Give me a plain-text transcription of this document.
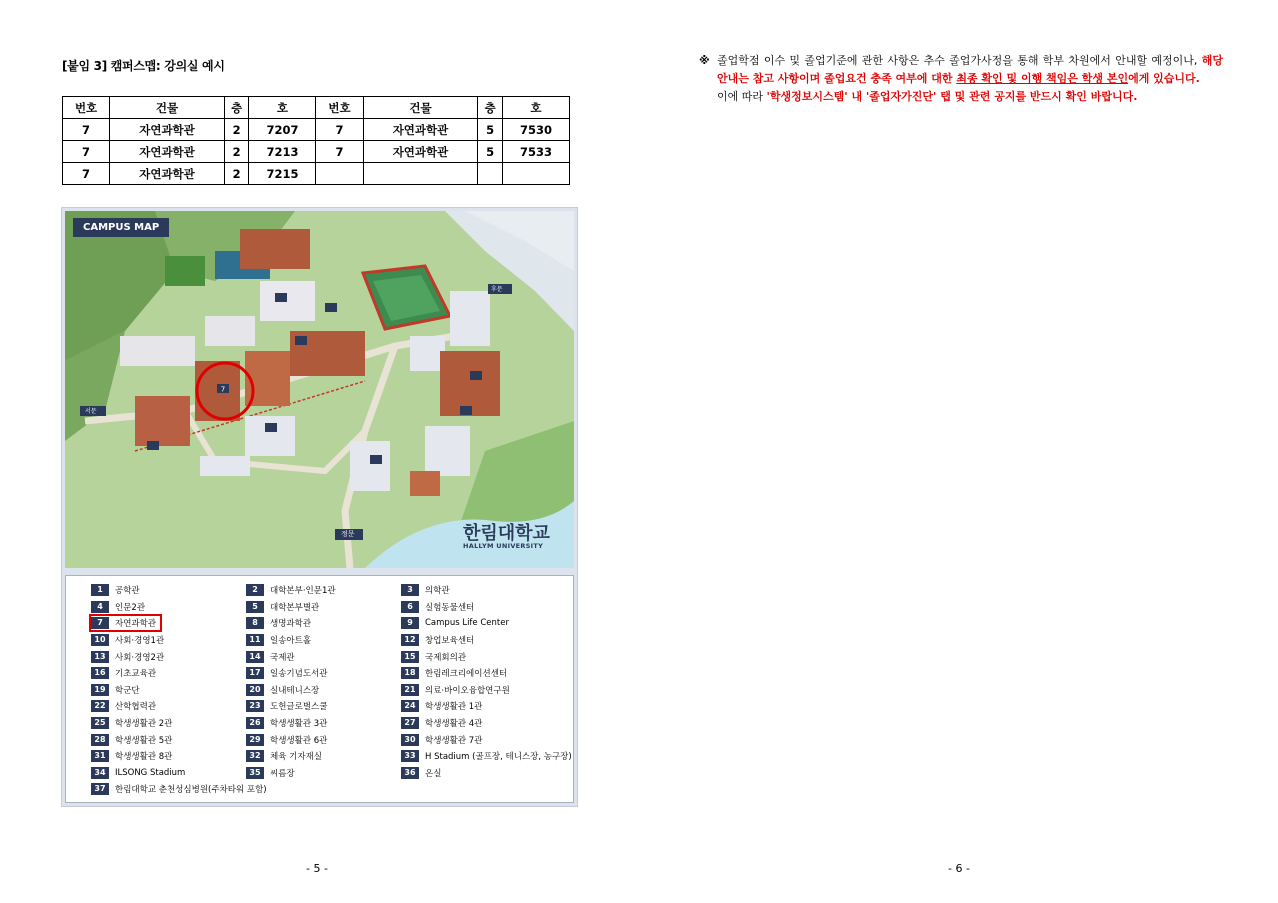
[붙임 3] 캠퍼스맵: 강의실 예시
번호	건물	층	호	번호	건물	층	호
7	자연과학관	2	7207	7	자연과학관	5	7530
7	자연과학관	2	7213	7	자연과학관	5	7533
7	자연과학관	2	7215				
7
CAMPUS MAP
후문
서문
정문	한림대학교
HALLYM UNIVERSITY
1	공학관
4	인문2관
7	자연과학관
10	사회·경영1관
13	사회·경영2관
16	기초교육관
19	학군단
22	산학협력관
25	학생생활관 2관
28	학생생활관 5관
31	학생생활관 8관
34	ILSONG Stadium
37	한림대학교 춘천성심병원(주차타워 포함)
2	대학본부·인문1관
5	대학본부별관
8	생명과학관
11	일송아트홀
14	국제관
17	일송기념도서관
20	실내테니스장
23	도헌글로벌스쿨
26	학생생활관 3관
29	학생생활관 6관
32	체육 기자재실
35	씨름장
3	의학관
6	실험동물센터
9	Campus Life Center
12	창업보육센터
15	국제회의관
18	한림레크리에이션센터
21	의료·바이오융합연구원
24	학생생활관 1관
27	학생생활관 4관
30	학생생활관 7관
33	H Stadium (골프장, 테니스장, 농구장)
36	온실
- 5 -
※ 졸업학점 이수 및 졸업기준에 관한 사항은 추수 졸업가사정을 통해 학부 차원에서 안내할 예정이나, 해당 안내는 참고 사항이며 졸업요건 충족 여부에 대한 최종 확인 및 이행 책임은 학생 본인에게 있습니다.

이에 따라 '학생정보시스템' 내 '졸업자가진단' 탭 및 관련 공지를 반드시 확인 바랍니다.

- 6 -
